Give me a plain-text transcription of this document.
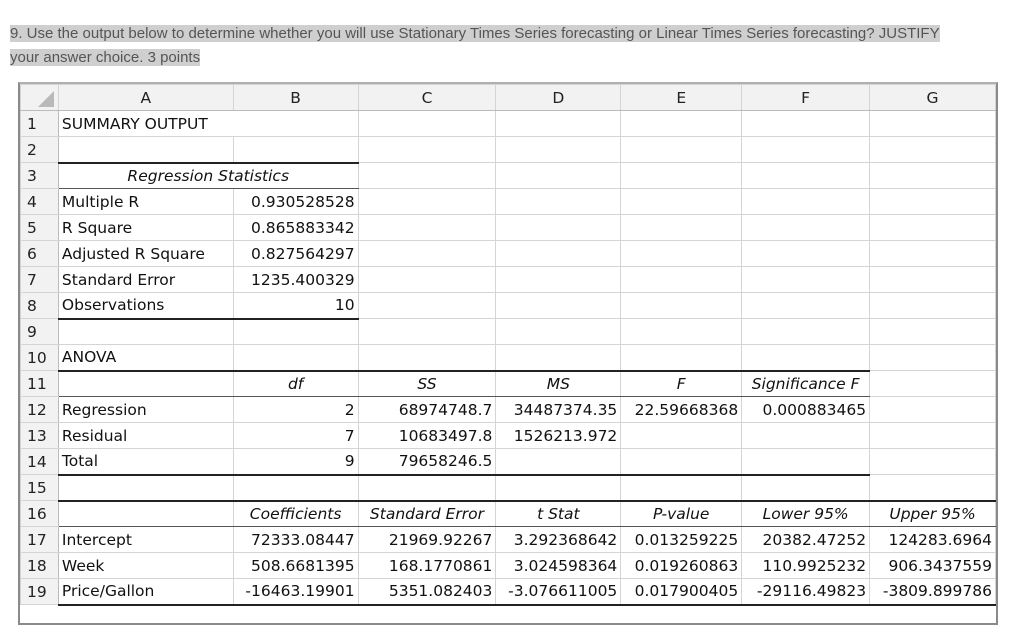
9. Use the output below to determine whether you will use Stationary Times Series forecasting or Linear Times Series forecasting? JUSTIFY
your answer choice. 3 points
	A	B	C	D	E	F	G
1	SUMMARY OUTPUT						
2							
3	Regression Statistics						
4	Multiple R	0.930528528					
5	R Square	0.865883342					
6	Adjusted R Square	0.827564297					
7	Standard Error	1235.400329					
8	Observations	10					
9							
10	ANOVA						
11		df	SS	MS	F	Significance F	
12	Regression	2	68974748.7	34487374.35	22.59668368	0.000883465	
13	Residual	7	10683497.8	1526213.972			
14	Total	9	79658246.5				
15							
16		Coefficients	Standard Error	t Stat	P-value	Lower 95%	Upper 95%
17	Intercept	72333.08447	21969.92267	3.292368642	0.013259225	20382.47252	124283.6964
18	Week	508.6681395	168.1770861	3.024598364	0.019260863	110.9925232	906.3437559
19	Price/Gallon	-16463.19901	5351.082403	-3.076611005	0.017900405	-29116.49823	-3809.899786
